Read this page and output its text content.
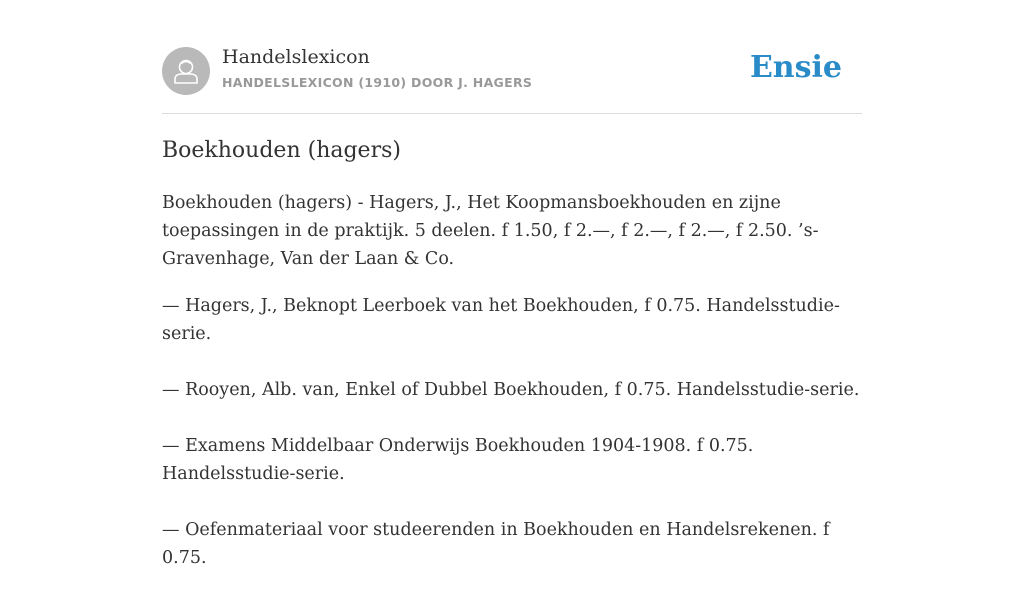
Handelslexicon
HANDELSLEXICON (1910) DOOR J. HAGERS	Ensie
Boekhouden (hagers)

Boekhouden (hagers) - Hagers, J., Het Koopmansboekhouden en zijne toepassingen in de praktijk. 5 deelen. f 1.50, f 2.—, f 2.—, f 2.—, f 2.50. ’s-Gravenhage, Van der Laan & Co.

— Hagers, J., Beknopt Leerboek van het Boekhouden, f 0.75. Handelsstudie-serie.

— Rooyen, Alb. van, Enkel of Dubbel Boekhouden, f 0.75. Handelsstudie-serie.

— Examens Middelbaar Onderwijs Boekhouden 1904-1908. f 0.75. Handelsstudie-serie.

— Oefenmateriaal voor studeerenden in Boekhouden en Handelsrekenen. f 0.75.
